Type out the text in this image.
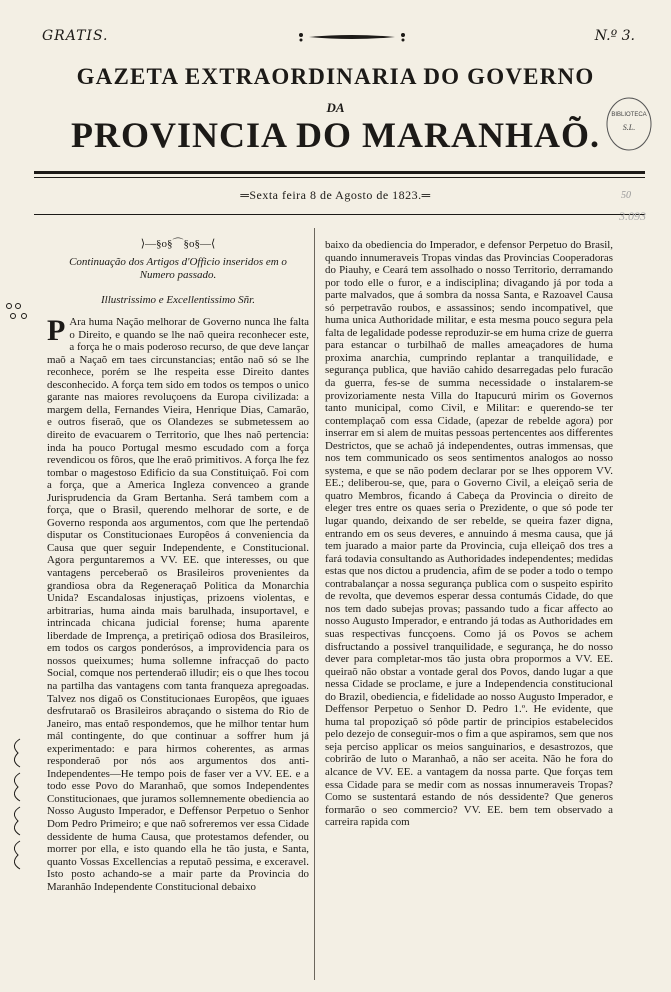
GRATIS.	N.º 3.
GAZETA EXTRAORDINARIA DO GOVERNO
DA
PROVINCIA DO MARANHAÕ.	BIBLIOTECA
S.L.
═Sexta feira 8 de Agosto de 1823.═	50
3.093
⟩—§o§⌒§o§—⟨
Continuação dos Artigos d'Officio inseridos em o Numero passado.
Illustrissimo e Excellentissimo Sñr.

P Ara huma Nação melhorar de Governo nunca lhe falta o Direito, e quando se lhe naõ queira reconhecer este, a força he o mais poderoso recurso, de que deve lançar maõ a Naçaõ em taes circunstancias; então naõ só se lhe reconhece, porém se lhe respeita esse Direito dantes desconhecido. A força tem sido em todos os tempos o unico garante nas maiores revoluçoens da Europa civilizada: a margem della, Fernandes Vieira, Henrique Dias, Camarão, e outros fiseraõ, que os Olandezes se submetessem ao direito de evacuarem o Territorio, que lhes naõ pertencia: inda ha pouco Portugal mesmo escudado com a força revendicou os fôros, que lhe eraõ primitivos. A força lhe fez tombar o magestoso Edificio da sua Constituiçaõ. Foi com a força, que a America Ingleza convenceo a grande Jurisprudencia da Gram Bertanha. Será tambem com a força, que o Brasil, querendo melhorar de sorte, e de Governo responda aos argumentos, com que lhe pertendaõ disputar os Constitucionaes Europêos á conveniencia da Causa que quer seguir Independente, e Constitucional. Agora perguntaremos a VV. EE. que interesses, ou que vantagens perceberaõ os Brasileiros provenientes da grandiosa obra da Regeneraçaõ Politica da Monarchia Unida? Escandalosas injustiças, prizoens violentas, e arbitrarias, huma ainda mais barulhada, insuportavel, e intrincada chicana judicial forense; huma aparente liberdade de Imprença, a pretiriçaõ odiosa dos Brasileiros, em todos os cargos ponderósos, a improvidencia para os nossos queixumes; huma sollemne infracçaõ do pacto Social, comque nos pertenderaõ illudir; eis o que lhes tocou na partilha das vantagens com tanta franqueza apregoadas. Talvez nos digaõ os Constitucionaes Europêos, que iguaes desfrutaraõ os Brasileiros abraçando o sistema do Rio de Janeiro, mas entaõ respondemos, que he milhor tentar hum mál contingente, do que continuar a soffrer hum já experimentado: e para hirmos coherentes, as armas responderaõ por nós aos argumentos dos anti-Independentes—He tempo pois de faser ver a VV. EE. e a todo esse Povo do Maranhaõ, que somos Independentes Constitucionaes, que juramos sollemnemente obediencia ao Nosso Augusto Imperador, e Deffensor Perpetuo o Senhor Dom Pedro Primeiro; e que naõ sofreremos ver essa Cidade dessidente de huma Causa, que protestamos defender, ou morrer por ella, e isto quando ella he tão justa, e Santa, quanto Vossas Excellencias a reputaõ pessima, e exceravel. Isto posto achando-se a mair parte da Provincia do Maranhão Independente Constitucional debaixo

baixo da obediencia do Imperador, e defensor Perpetuo do Brasil, quando innumeraveis Tropas vindas das Provincias Cooperadoras do Piauhy, e Ceará tem assolhado o nosso Territorio, derramando por todo elle o furor, e a indisciplina; divagando já por toda a parte malvados, que á sombra da nossa Santa, e Razoavel Causa só perpetravão roubos, e assassinos; sendo incompativel, que huma unica Authoridade militar, e esta mesma pouco segura pela falta de legalidade podesse reproduzir-se em huma crize de guerra para estancar o turbilhaõ de malles ameaçadores de huma proxima anarchia, cumprindo replantar a tranquilidade, e segurança publica, que havião cahido desarregadas pelo furacão da guerra, fes-se de summa necessidade o instalarem-se provizoriamente nesta Villa do Itapucurú mirim os Governos tanto municipal, como Civil, e Militar: e querendo-se ter contemplaçaõ com essa Cidade, (apezar de rebelde agora) por inserrar em si alem de muitas pessoas pertencentes aos differentes Destrictos, que se achaõ já independentes, outras immensas, que nos tem communicado os seos sentimentos analogos ao nosso systema, e que se não podem declarar por se lhes opporem VV. EE.; deliberou-se, que, para o Governo Civil, a eleiçaõ seria de quatro Membros, ficando á Cabeça da Provincia o direito de eleger tres entre os quaes seria o Prezidente, o que só pode ter lugar quando, deixando de ser rebelde, se queira fazer digna, entrando em os seus deveres, e annuindo á mesma causa, que já tem juarado a maior parte da Provincia, cuja elleiçaõ dos tres a fará todavia consultando as Authoridades independentes; medidas estas que nos dictou a prudencia, afim de se poder a todo o tempo contrabalançar a nossa segurança publica com o suspeito espirito de revolta, que devemos esperar dessa contumás Cidade, do que nos tem dado subejas provas; passando tudo a ficar affecto ao nosso Augusto Imperador, e entrando já todas as Authoridades em suas respectivas funcçoens. Como já os Povos se achem disfructando a possivel tranquilidade, e segurança, he do nosso dever para completar-mos tão justa obra propormos a VV. EE. queiraõ não obstar a vontade geral dos Povos, dando lugar a que nessa Cidade se proclame, e jure a Independencia constitucional do Brazil, obediencia, e fidelidade ao nosso Augusto Imperador, e Deffensor Perpetuo o Senhor D. Pedro 1.º. He evidente, que huma tal propoziçaõ só pôde partir de principios estabelecidos pelo dezejo de conseguir-mos o fim a que aspiramos, sem que nos seja perciso applicar os meios sanguinarios, e desastrozos, que cobrirão de luto o Maranhaõ, a não ser aceita. Não he fora do alcance de VV. EE. a vantagem da nossa parte. Que forças tem essa Cidade para se medir com as nossas innumeraveis Tropas? Como se sustentará estando de nós dessidente? Que generos formarão o seo commercio? VV. EE. bem tem observado a carreira rapida com
